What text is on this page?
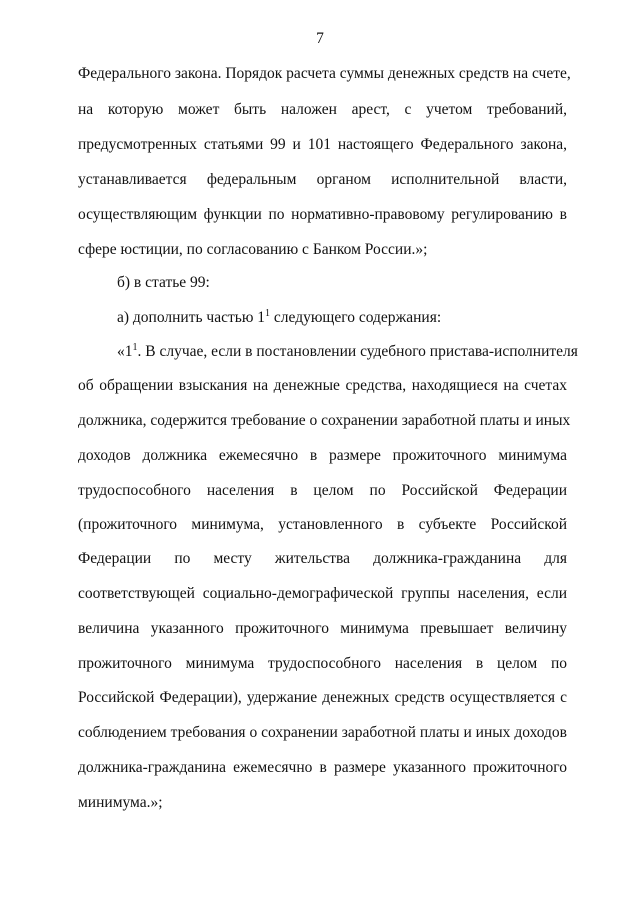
7
Федерального закона. Порядок расчета суммы денежных средств на счете,
на которую может быть наложен арест, с учетом требований,
предусмотренных статьями 99 и 101 настоящего Федерального закона,
устанавливается федеральным органом исполнительной власти,
осуществляющим функции по нормативно-правовому регулированию в
сфере юстиции, по согласованию с Банком России.»;
б) в статье 99:
а) дополнить частью $1^1$ следующего содержания:
«$1^1$. В случае, если в постановлении судебного пристава-исполнителя
об обращении взыскания на денежные средства, находящиеся на счетах
должника, содержится требование о сохранении заработной платы и иных
доходов должника ежемесячно в размере прожиточного минимума
трудоспособного населения в целом по Российской Федерации
(прожиточного минимума, установленного в субъекте Российской
Федерации по месту жительства должника-гражданина для
соответствующей социально-демографической группы населения, если
величина указанного прожиточного минимума превышает величину
прожиточного минимума трудоспособного населения в целом по
Российской Федерации), удержание денежных средств осуществляется с
соблюдением требования о сохранении заработной платы и иных доходов
должника-гражданина ежемесячно в размере указанного прожиточного
минимума.»;
